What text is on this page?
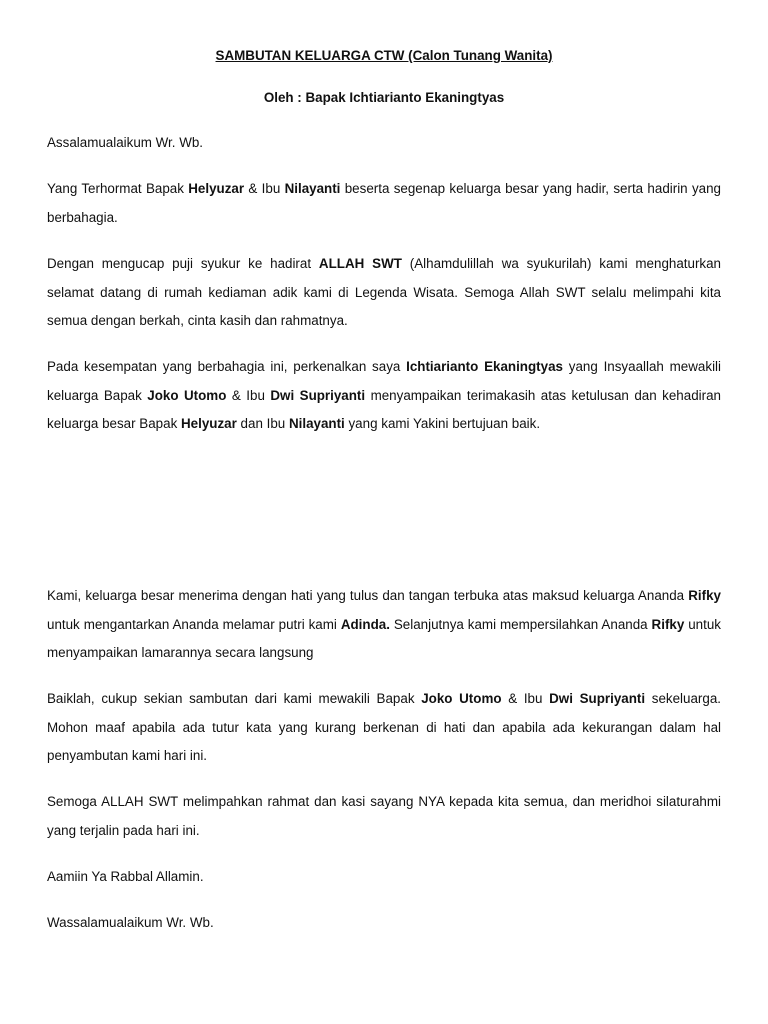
SAMBUTAN KELUARGA CTW (Calon Tunang Wanita)

Oleh : Bapak Ichtiarianto Ekaningtyas

Assalamualaikum Wr. Wb.

Yang Terhormat Bapak Helyuzar & Ibu Nilayanti beserta segenap keluarga besar yang hadir, serta hadirin yang berbahagia.

Dengan mengucap puji syukur ke hadirat ALLAH SWT (Alhamdulillah wa syukurilah) kami menghaturkan selamat datang di rumah kediaman adik kami di Legenda Wisata. Semoga Allah SWT selalu melimpahi kita semua dengan berkah, cinta kasih dan rahmatnya.

Pada kesempatan yang berbahagia ini, perkenalkan saya Ichtiarianto Ekaningtyas yang Insyaallah mewakili keluarga Bapak Joko Utomo & Ibu Dwi Supriyanti menyampaikan terimakasih atas ketulusan dan kehadiran keluarga besar Bapak Helyuzar dan Ibu Nilayanti yang kami Yakini bertujuan baik.

Kami, keluarga besar menerima dengan hati yang tulus dan tangan terbuka atas maksud keluarga Ananda Rifky untuk mengantarkan Ananda melamar putri kami Adinda. Selanjutnya kami mempersilahkan Ananda Rifky untuk menyampaikan lamarannya secara langsung

Baiklah, cukup sekian sambutan dari kami mewakili Bapak Joko Utomo & Ibu Dwi Supriyanti sekeluarga. Mohon maaf apabila ada tutur kata yang kurang berkenan di hati dan apabila ada kekurangan dalam hal penyambutan kami hari ini.

Semoga ALLAH SWT melimpahkan rahmat dan kasi sayang NYA kepada kita semua, dan meridhoi silaturahmi yang terjalin pada hari ini.

Aamiin Ya Rabbal Allamin.

Wassalamualaikum Wr. Wb.
